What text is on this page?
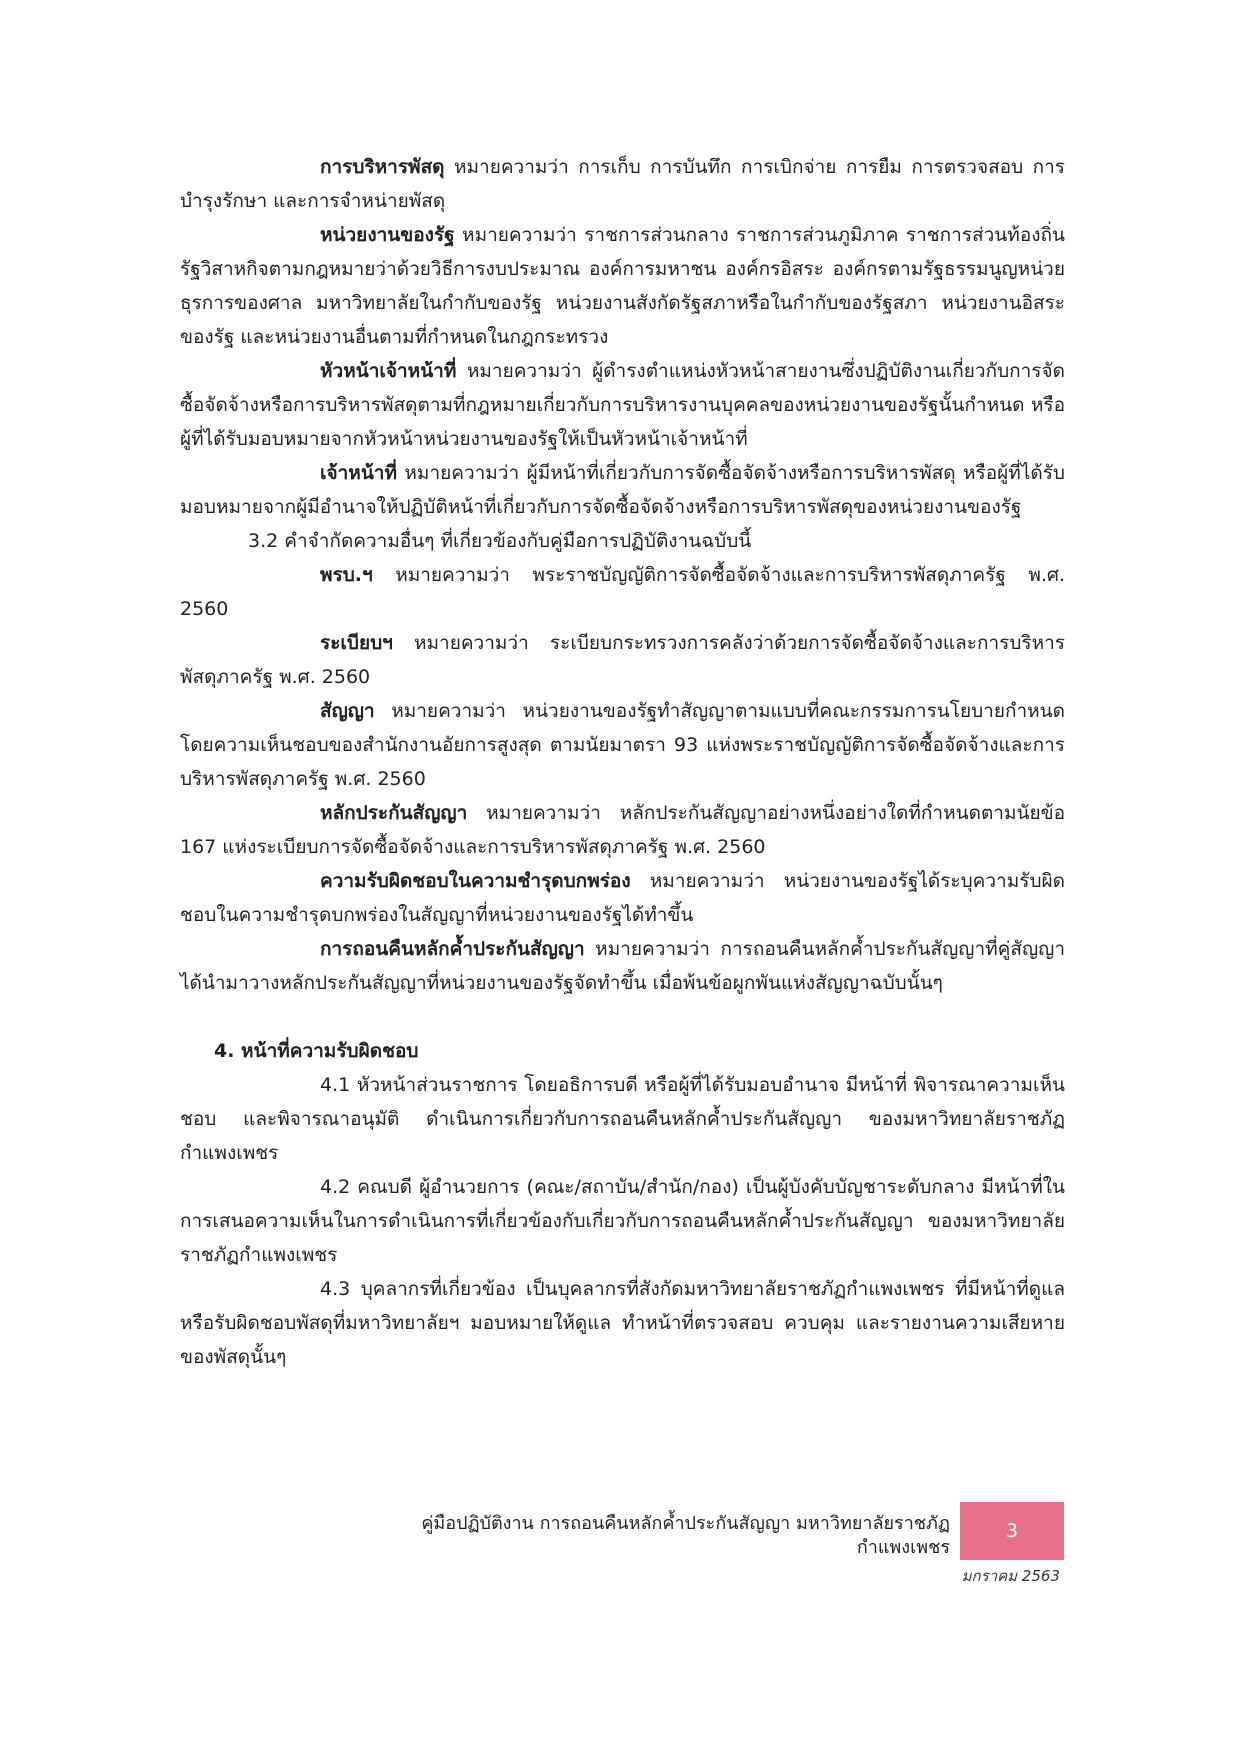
การบริหารพัสดุ หมายความว่า การเก็บ การบันทึก การเบิกจ่าย การยืม การตรวจสอบ การบำรุงรักษา และการจำหน่ายพัสดุ

หน่วยงานของรัฐ หมายความว่า ราชการส่วนกลาง ราชการส่วนภูมิภาค ราชการส่วนท้องถิ่นรัฐวิสาหกิจตามกฎหมายว่าด้วยวิธีการงบประมาณ องค์การมหาชน องค์กรอิสระ องค์กรตามรัฐธรรมนูญหน่วยธุรการของศาล มหาวิทยาลัยในกำกับของรัฐ หน่วยงานสังกัดรัฐสภาหรือในกำกับของรัฐสภา หน่วยงานอิสระของรัฐ และหน่วยงานอื่นตามที่กำหนดในกฎกระทรวง

หัวหน้าเจ้าหน้าที่ หมายความว่า ผู้ดำรงตำแหน่งหัวหน้าสายงานซึ่งปฏิบัติงานเกี่ยวกับการจัดซื้อจัดจ้างหรือการบริหารพัสดุตามที่กฎหมายเกี่ยวกับการบริหารงานบุคคลของหน่วยงานของรัฐนั้นกำหนด หรือผู้ที่ได้รับมอบหมายจากหัวหน้าหน่วยงานของรัฐให้เป็นหัวหน้าเจ้าหน้าที่

เจ้าหน้าที่ หมายความว่า ผู้มีหน้าที่เกี่ยวกับการจัดซื้อจัดจ้างหรือการบริหารพัสดุ หรือผู้ที่ได้รับมอบหมายจากผู้มีอำนาจให้ปฏิบัติหน้าที่เกี่ยวกับการจัดซื้อจัดจ้างหรือการบริหารพัสดุของหน่วยงานของรัฐ

3.2 คำจำกัดความอื่นๆ ที่เกี่ยวข้องกับคู่มือการปฏิบัติงานฉบับนี้

พรบ.ฯ หมายความว่า พระราชบัญญัติการจัดซื้อจัดจ้างและการบริหารพัสดุภาครัฐ พ.ศ. 2560

ระเบียบฯ หมายความว่า ระเบียบกระทรวงการคลังว่าด้วยการจัดซื้อจัดจ้างและการบริหารพัสดุภาครัฐ พ.ศ. 2560

สัญญา หมายความว่า หน่วยงานของรัฐทำสัญญาตามแบบที่คณะกรรมการนโยบายกำหนด โดยความเห็นชอบของสำนักงานอัยการสูงสุด ตามนัยมาตรา 93 แห่งพระราชบัญญัติการจัดซื้อจัดจ้างและการบริหารพัสดุภาครัฐ พ.ศ. 2560

หลักประกันสัญญา หมายความว่า หลักประกันสัญญาอย่างหนึ่งอย่างใดที่กำหนดตามนัยข้อ 167 แห่งระเบียบการจัดซื้อจัดจ้างและการบริหารพัสดุภาครัฐ พ.ศ. 2560

ความรับผิดชอบในความชำรุดบกพร่อง หมายความว่า หน่วยงานของรัฐได้ระบุความรับผิดชอบในความชำรุดบกพร่องในสัญญาที่หน่วยงานของรัฐได้ทำขึ้น

การถอนคืนหลักค้ำประกันสัญญา หมายความว่า การถอนคืนหลักค้ำประกันสัญญาที่คู่สัญญาได้นำมาวางหลักประกันสัญญาที่หน่วยงานของรัฐจัดทำขึ้น เมื่อพ้นข้อผูกพันแห่งสัญญาฉบับนั้นๆ

4. หน้าที่ความรับผิดชอบ

4.1 หัวหน้าส่วนราชการ โดยอธิการบดี หรือผู้ที่ได้รับมอบอำนาจ มีหน้าที่ พิจารณาความเห็นชอบ และพิจารณาอนุมัติ ดำเนินการเกี่ยวกับการถอนคืนหลักค้ำประกันสัญญา ของมหาวิทยาลัยราชภัฏกำแพงเพชร

4.2 คณบดี ผู้อำนวยการ (คณะ/สถาบัน/สำนัก/กอง) เป็นผู้บังคับบัญชาระดับกลาง มีหน้าที่ในการเสนอความเห็นในการดำเนินการที่เกี่ยวข้องกับเกี่ยวกับการถอนคืนหลักค้ำประกันสัญญา ของมหาวิทยาลัยราชภัฏกำแพงเพชร

4.3 บุคลากรที่เกี่ยวข้อง เป็นบุคลากรที่สังกัดมหาวิทยาลัยราชภัฏกำแพงเพชร ที่มีหน้าที่ดูแลหรือรับผิดชอบพัสดุที่มหาวิทยาลัยฯ มอบหมายให้ดูแล ทำหน้าที่ตรวจสอบ ควบคุม และรายงานความเสียหายของพัสดุนั้นๆ

คู่มือปฏิบัติงาน การถอนคืนหลักค้ำประกันสัญญา มหาวิทยาลัยราชภัฏกำแพงเพชร
3
มกราคม 2563
